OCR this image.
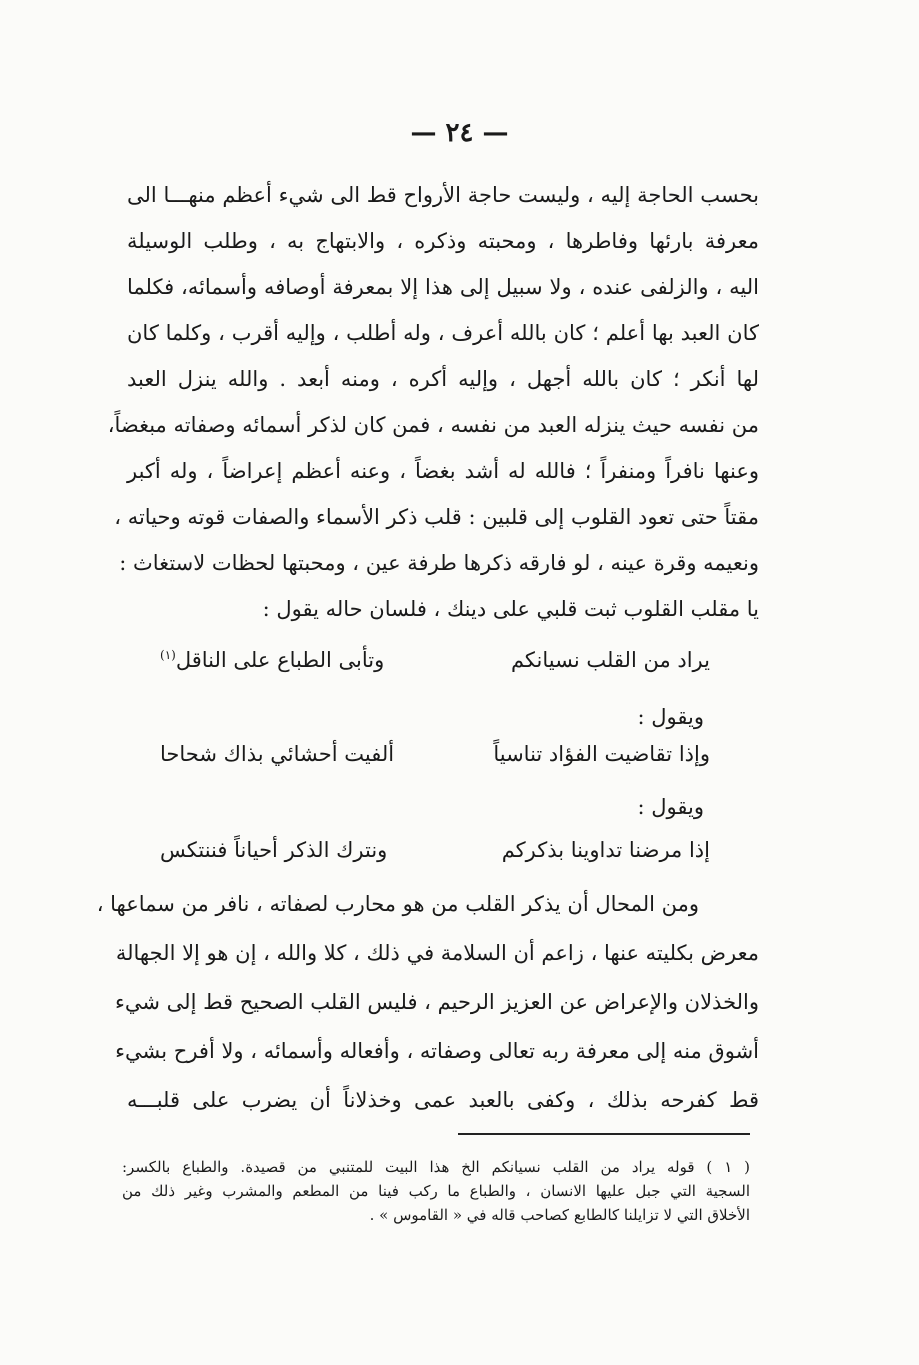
— ٢٤ —
بحسب الحاجة إليه ، وليست حاجة الأرواح قط الى شيء أعظم منهـــا الى
معرفة بارئها وفاطرها ، ومحبته وذكره ، والابتهاج به ، وطلب الوسيلة
اليه ، والزلفى عنده ، ولا سبيل إلى هذا إلا بمعرفة أوصافه وأسمائه، فكلما
كان العبد بها أعلم ؛ كان بالله أعرف ، وله أطلب ، وإليه أقرب ، وكلما كان
لها أنكر ؛ كان بالله أجهل ، وإليه أكره ، ومنه أبعد . والله ينزل العبد
من نفسه حيث ينزله العبد من نفسه ، فمن كان لذكر أسمائه وصفاته مبغضاً،
وعنها نافراً ومنفراً ؛ فالله له أشد بغضاً ، وعنه أعظم إعراضاً ، وله أكبر
مقتاً حتى تعود القلوب إلى قلبين : قلب ذكر الأسماء والصفات قوته وحياته ،
ونعيمه وقرة عينه ، لو فارقه ذكرها طرفة عين ، ومحبتها لحظات لاستغاث :
يا مقلب القلوب ثبت قلبي على دينك ، فلسان حاله يقول :
يراد من القلب نسيانكم
وتأبى الطباع على الناقل$^{(١)}$
ويقول :
وإذا تقاضيت الفؤاد تناسياً
ألفيت أحشائي بذاك شحاحا
ويقول :
إذا مرضنا تداوينا بذكركم
ونترك الذكر أحياناً فننتكس
ومن المحال أن يذكر القلب من هو محارب لصفاته ، نافر من سماعها ،
معرض بكليته عنها ، زاعم أن السلامة في ذلك ، كلا والله ، إن هو إلا الجهالة
والخذلان والإعراض عن العزيز الرحيم ، فليس القلب الصحيح قط إلى شيء
أشوق منه إلى معرفة ربه تعالى وصفاته ، وأفعاله وأسمائه ، ولا أفرح بشيء
قط كفرحه بذلك ، وكفى بالعبد عمى وخذلاناً أن يضرب على قلبـــه
( ١ ) قوله يراد من القلب نسيانكم الخ هذا البيت للمتنبي من قصيدة. والطباع بالكسر:
السجية التي جبل عليها الانسان ، والطباع ما ركب فينا من المطعم والمشرب وغير ذلك من
الأخلاق التي لا تزايلنا كالطابع كصاحب قاله في « القاموس » .
